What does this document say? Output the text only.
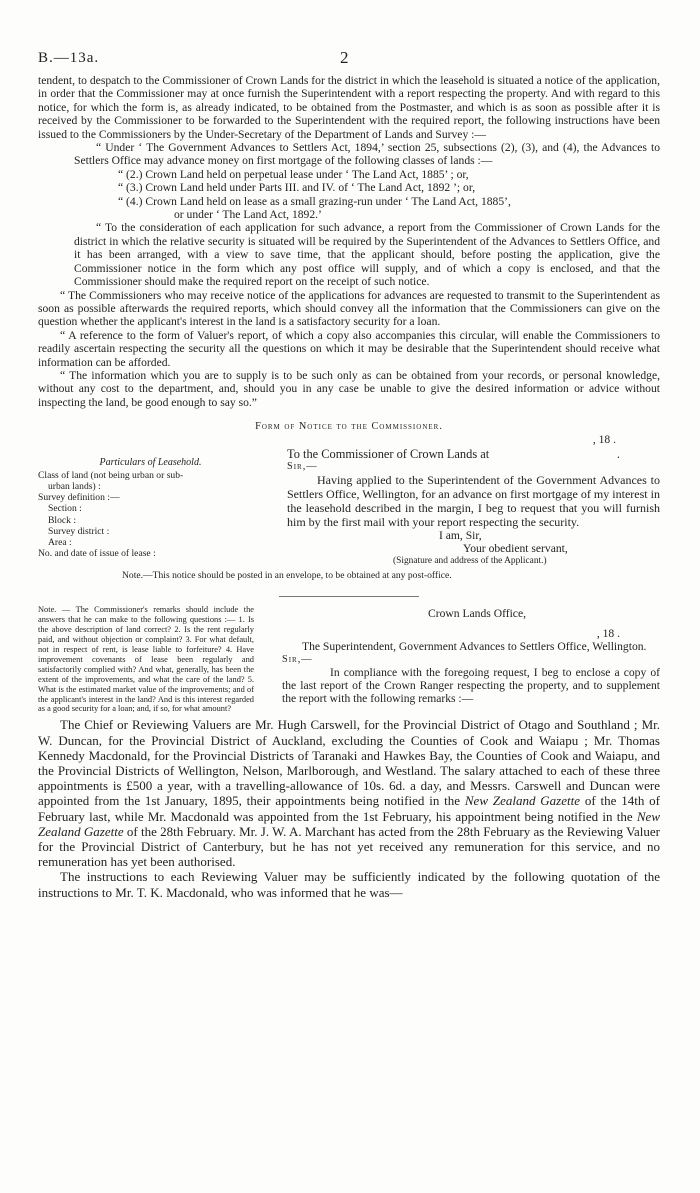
B.—13a.	2

tendent, to despatch to the Commissioner of Crown Lands for the district in which the leasehold is situated a notice of the application, in order that the Commissioner may at once furnish the Superintendent with a report respecting the property. And with regard to this notice, for which the form is, as already indicated, to be obtained from the Postmaster, and which is as soon as possible after it is received by the Commissioner to be forwarded to the Superintendent with the required report, the following instructions have been issued to the Commissioners by the Under-Secretary of the Department of Lands and Survey :—

“ Under ‘ The Government Advances to Settlers Act, 1894,’ section 25, subsections (2), (3), and (4), the Advances to Settlers Office may advance money on first mortgage of the following classes of lands :—

“ (2.) Crown Land held on perpetual lease under ‘ The Land Act, 1885’ ; or,

“ (3.) Crown Land held under Parts III. and IV. of ‘ The Land Act, 1892 ’; or,

“ (4.) Crown Land held on lease as a small grazing-run under ‘ The Land Act, 1885’,

or under ‘ The Land Act, 1892.’

“ To the consideration of each application for such advance, a report from the Commissioner of Crown Lands for the district in which the relative security is situated will be required by the Superintendent of the Advances to Settlers Office, and it has been arranged, with a view to save time, that the applicant should, before posting the application, give the Commissioner notice in the form which any post office will supply, and of which a copy is enclosed, and that the Commissioner should make the required report on the receipt of such notice.

“ The Commissioners who may receive notice of the applications for advances are requested to transmit to the Superintendent as soon as possible afterwards the required reports, which should convey all the information that the Commissioners can give on the question whether the applicant's interest in the land is a satisfactory security for a loan.

“ A reference to the form of Valuer's report, of which a copy also accompanies this circular, will enable the Commissioners to readily ascertain respecting the security all the questions on which it may be desirable that the Superintendent should receive what information can be afforded.

“ The information which you are to supply is to be such only as can be obtained from your records, or personal knowledge, without any cost to the department, and, should you in any case be unable to give the desired information or advice without inspecting the land, be good enough to say so.”

Form of Notice to the Commissioner.

, 18 .

Particulars of Leasehold.
Class of land (not being urban or sub-
urban lands) :
Survey definition :—
Section :
Block :
Survey district :
Area :
No. and date of issue of lease :
To the Commissioner of Crown Lands at	.

Sir,—

Having applied to the Superintendent of the Government Advances to Settlers Office, Wellington, for an advance on first mortgage of my interest in the leasehold described in the margin, I beg to request that you will furnish him by the first mail with your report respecting the security.

I am, Sir,

Your obedient servant,

(Signature and address of the Applicant.)

Note.—This notice should be posted in an envelope, to be obtained at any post-office.

Note. — The Commissioner's remarks should include the answers that he can make to the following questions :— 1. Is the above description of land correct? 2. Is the rent regularly paid, and without objection or complaint? 3. For what default, not in respect of rent, is lease liable to forfeiture? 4. Have improvement covenants of lease been regularly and satisfactorily complied with? And what, generally, has been the extent of the improvements, and what the care of the land? 5. What is the estimated market value of the improvements; and of the applicant's interest in the land? And is this interest regarded as a good security for a loan; and, if so, for what amount?

Crown Lands Office,

, 18 .

The Superintendent, Government Advances to Settlers Office, Wellington.

Sir,—

In compliance with the foregoing request, I beg to enclose a copy of the last report of the Crown Ranger respecting the property, and to supplement the report with the following remarks :—

The Chief or Reviewing Valuers are Mr. Hugh Carswell, for the Provincial District of Otago and Southland ; Mr. W. Duncan, for the Provincial District of Auckland, excluding the Counties of Cook and Waiapu ; Mr. Thomas Kennedy Macdonald, for the Provincial Districts of Taranaki and Hawkes Bay, the Counties of Cook and Waiapu, and the Provincial Districts of Wellington, Nelson, Marlborough, and Westland. The salary attached to each of these three appointments is £500 a year, with a travelling-allowance of 10s. 6d. a day, and Messrs. Carswell and Duncan were appointed from the 1st January, 1895, their appointments being notified in the New Zealand Gazette of the 14th of February last, while Mr. Macdonald was appointed from the 1st February, his appointment being notified in the New Zealand Gazette of the 28th February. Mr. J. W. A. Marchant has acted from the 28th February as the Reviewing Valuer for the Provincial District of Canterbury, but he has not yet received any remuneration for this service, and no remuneration has yet been authorised.

The instructions to each Reviewing Valuer may be sufficiently indicated by the following quotation of the instructions to Mr. T. K. Macdonald, who was informed that he was—
